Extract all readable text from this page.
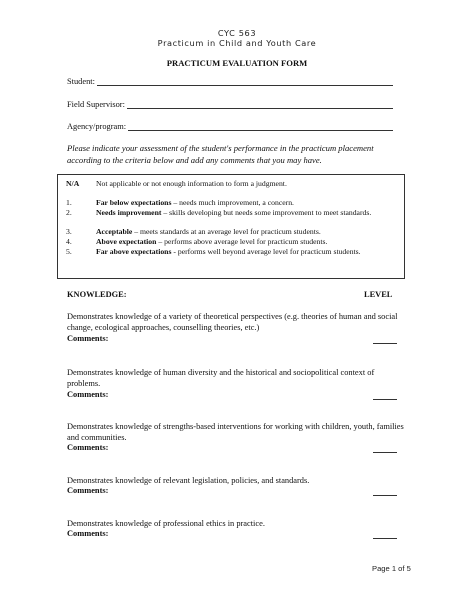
CYC 563
Practicum in Child and Youth Care
PRACTICUM EVALUATION FORM
Student:
Field Supervisor:
Agency/program:
Please indicate your assessment of the student's performance in the practicum placement according to the criteria below and add any comments that you may have.
N/A	Not applicable or not enough information to form a judgment.
1.	Far below expectations – needs much improvement, a concern.
2.	Needs improvement – skills developing but needs some improvement to meet standards.
3.	Acceptable – meets standards at an average level for practicum students.
4.	Above expectation – performs above average level for practicum students.
5.	Far above expectations - performs well beyond average level for practicum students.
KNOWLEDGE:	LEVEL
Demonstrates knowledge of a variety of theoretical perspectives (e.g. theories of human and social change, ecological approaches, counselling theories, etc.)
Comments:
Demonstrates knowledge of human diversity and the historical and sociopolitical context of problems.
Comments:
Demonstrates knowledge of strengths-based interventions for working with children, youth, families and communities.
Comments:
Demonstrates knowledge of relevant legislation, policies, and standards.
Comments:
Demonstrates knowledge of professional ethics in practice.
Comments:
Page 1 of 5
